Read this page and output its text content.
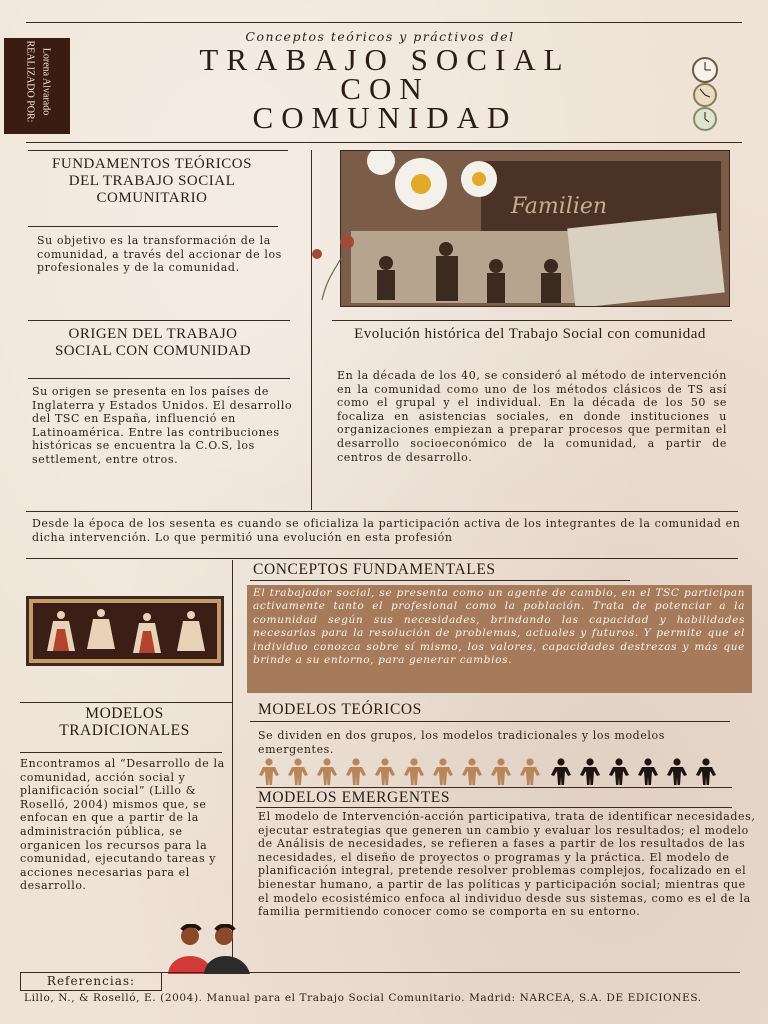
Conceptos teóricos y práctivos del
REALIZADO POR: Lorena Alvarado	TRABAJO SOCIAL
CON
COMUNIDAD
FUNDAMENTOS TEÓRICOS DEL TRABAJO SOCIAL COMUNITARIO
Su objetivo es la transformación de la comunidad, a través del accionar de los profesionales y de la comunidad.
Familien
ORIGEN DEL TRABAJO SOCIAL CON COMUNIDAD
Su origen se presenta en los países de Inglaterra y Estados Unidos. El desarrollo del TSC en España, influenció en Latinoamérica. Entre las contribuciones históricas se encuentra la C.O.S, los settlement, entre otros.
Evolución histórica del Trabajo Social con comunidad
En la década de los 40, se consideró al método de intervención en la comunidad como uno de los métodos clásicos de TS así como el grupal y el individual. En la década de los 50 se focaliza en asistencias sociales, en donde instituciones u organizaciones empiezan a preparar procesos que permitan el desarrollo socioeconómico de la comunidad, a partir de centros de desarrollo.
Desde la época de los sesenta es cuando se oficializa la participación activa de los integrantes de la comunidad en dicha intervención. Lo que permitió una evolución en esta profesión
CONCEPTOS FUNDAMENTALES
El trabajador social, se presenta como un agente de cambio, en el TSC participan activamente tanto el profesional como la población. Trata de potenciar a la comunidad según sus necesidades, brindando las capacidad y habilidades necesarias para la resolución de problemas, actuales y futuros. Y permite que el individuo conozca sobre sí mismo, los valores, capacidades destrezas y más que brinde a su entorno, para generar cambios.
MODELOS TRADICIONALES
Encontramos al “Desarrollo de la comunidad, acción social y planificación social” (Lillo & Roselló, 2004) mismos que, se enfocan en que a partir de la administración pública, se organicen los recursos para la comunidad, ejecutando tareas y acciones necesarias para el desarrollo.
MODELOS TEÓRICOS
Se dividen en dos grupos, los modelos tradicionales y los modelos emergentes.
MODELOS EMERGENTES
El modelo de Intervención-acción participativa, trata de identificar necesidades, ejecutar estrategias que generen un cambio y evaluar los resultados; el modelo de Análisis de necesidades, se refieren a fases a partir de los resultados de las necesidades, el diseño de proyectos o programas y la práctica. El modelo de planificación integral, pretende resolver problemas complejos, focalizado en el bienestar humano, a partir de las políticas y participación social; mientras que el modelo ecosistémico enfoca al individuo desde sus sistemas, como es el de la familia permitiendo conocer como se comporta en su entorno.
Referencias:
Lillo, N., & Roselló, E. (2004). Manual para el Trabajo Social Comunitario. Madrid: NARCEA, S.A. DE EDICIONES.
